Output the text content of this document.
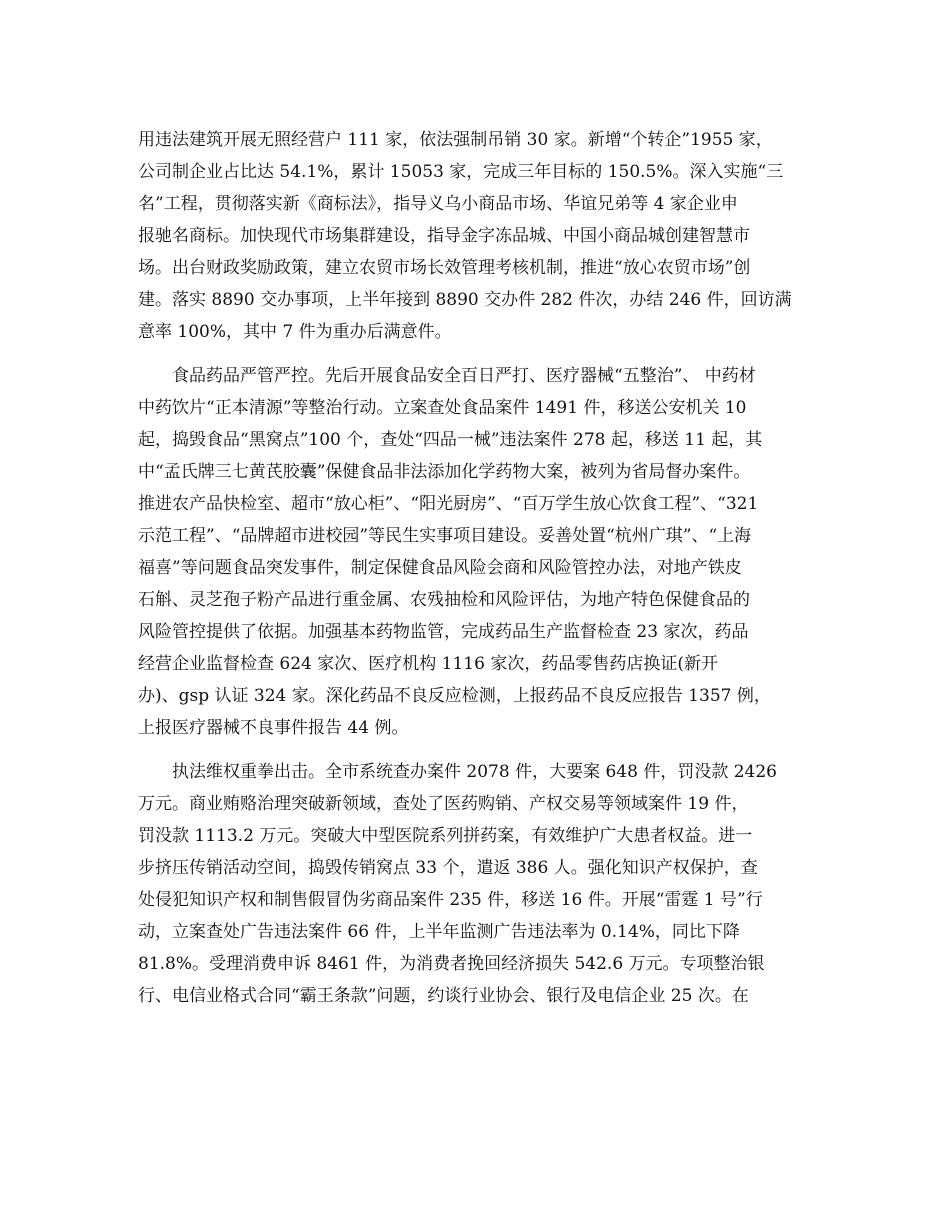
用违法建筑开展无照经营户 111 家，依法强制吊销 30 家。新增“个转企”1955 家，
公司制企业占比达 54.1%，累计 15053 家，完成三年目标的 150.5%。深入实施“三
名”工程，贯彻落实新《商标法》，指导义乌小商品市场、华谊兄弟等 4 家企业申
报驰名商标。加快现代市场集群建设，指导金字冻品城、中国小商品城创建智慧市
场。出台财政奖励政策，建立农贸市场长效管理考核机制，推进“放心农贸市场”创
建。落实 8890 交办事项，上半年接到 8890 交办件 282 件次，办结 246 件，回访满
意率 100%，其中 7 件为重办后满意件。
　　食品药品严管严控。先后开展食品安全百日严打、医疗器械“五整治”、 中药材
中药饮片“正本清源”等整治行动。立案查处食品案件 1491 件，移送公安机关 10
起，捣毁食品“黑窝点”100 个，查处“四品一械”违法案件 278 起，移送 11 起，其
中“孟氏牌三七黄芪胶囊”保健食品非法添加化学药物大案，被列为省局督办案件。
推进农产品快检室、超市“放心柜”、“阳光厨房”、“百万学生放心饮食工程”、“321
示范工程”、“品牌超市进校园”等民生实事项目建设。妥善处置“杭州广琪”、“上海
福喜”等问题食品突发事件，制定保健食品风险会商和风险管控办法，对地产铁皮
石斛、灵芝孢子粉产品进行重金属、农残抽检和风险评估，为地产特色保健食品的
风险管控提供了依据。加强基本药物监管，完成药品生产监督检查 23 家次，药品
经营企业监督检查 624 家次、医疗机构 1116 家次，药品零售药店换证(新开
办)、gsp 认证 324 家。深化药品不良反应检测，上报药品不良反应报告 1357 例，
上报医疗器械不良事件报告 44 例。
　　执法维权重拳出击。全市系统查办案件 2078 件，大要案 648 件，罚没款 2426
万元。商业贿赂治理突破新领域，查处了医药购销、产权交易等领域案件 19 件，
罚没款 1113.2 万元。突破大中型医院系列拼药案，有效维护广大患者权益。进一
步挤压传销活动空间，捣毁传销窝点 33 个，遣返 386 人。强化知识产权保护，查
处侵犯知识产权和制售假冒伪劣商品案件 235 件，移送 16 件。开展“雷霆 1 号”行
动，立案查处广告违法案件 66 件，上半年监测广告违法率为 0.14%，同比下降
81.8%。受理消费申诉 8461 件，为消费者挽回经济损失 542.6 万元。专项整治银
行、电信业格式合同“霸王条款”问题，约谈行业协会、银行及电信企业 25 次。在
